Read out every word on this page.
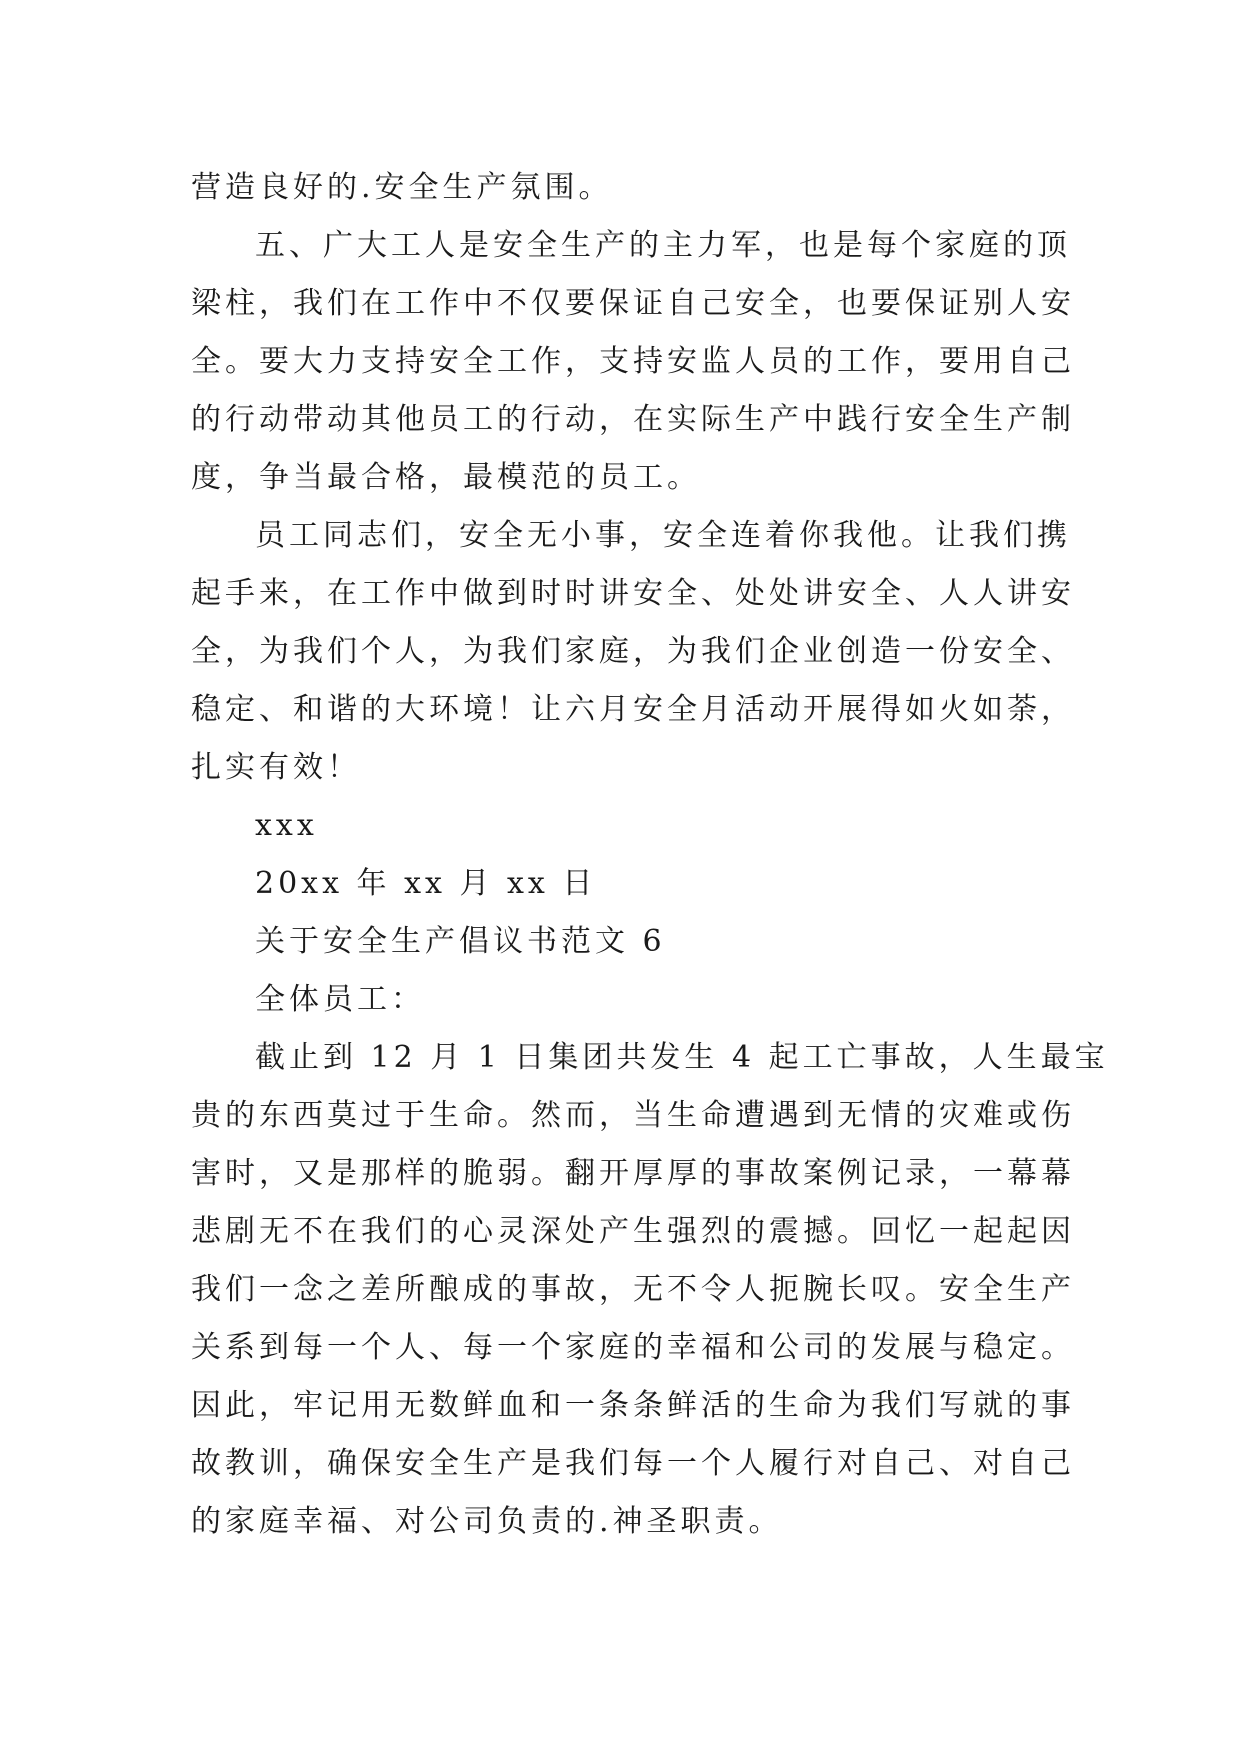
营造良好的.安全生产氛围。
五、广大工人是安全生产的主力军，也是每个家庭的顶
梁柱，我们在工作中不仅要保证自己安全，也要保证别人安
全。要大力支持安全工作，支持安监人员的工作，要用自己
的行动带动其他员工的行动，在实际生产中践行安全生产制
度，争当最合格，最模范的员工。
员工同志们，安全无小事，安全连着你我他。让我们携
起手来，在工作中做到时时讲安全、处处讲安全、人人讲安
全，为我们个人，为我们家庭，为我们企业创造一份安全、
稳定、和谐的大环境！让六月安全月活动开展得如火如荼，
扎实有效！
xxx
20xx 年 xx 月 xx 日
关于安全生产倡议书范文 6
全体员工：
截止到 12 月 1 日集团共发生 4 起工亡事故，人生最宝
贵的东西莫过于生命。然而，当生命遭遇到无情的灾难或伤
害时，又是那样的脆弱。翻开厚厚的事故案例记录，一幕幕
悲剧无不在我们的心灵深处产生强烈的震撼。回忆一起起因
我们一念之差所酿成的事故，无不令人扼腕长叹。安全生产
关系到每一个人、每一个家庭的幸福和公司的发展与稳定。
因此，牢记用无数鲜血和一条条鲜活的生命为我们写就的事
故教训，确保安全生产是我们每一个人履行对自己、对自己
的家庭幸福、对公司负责的.神圣职责。
